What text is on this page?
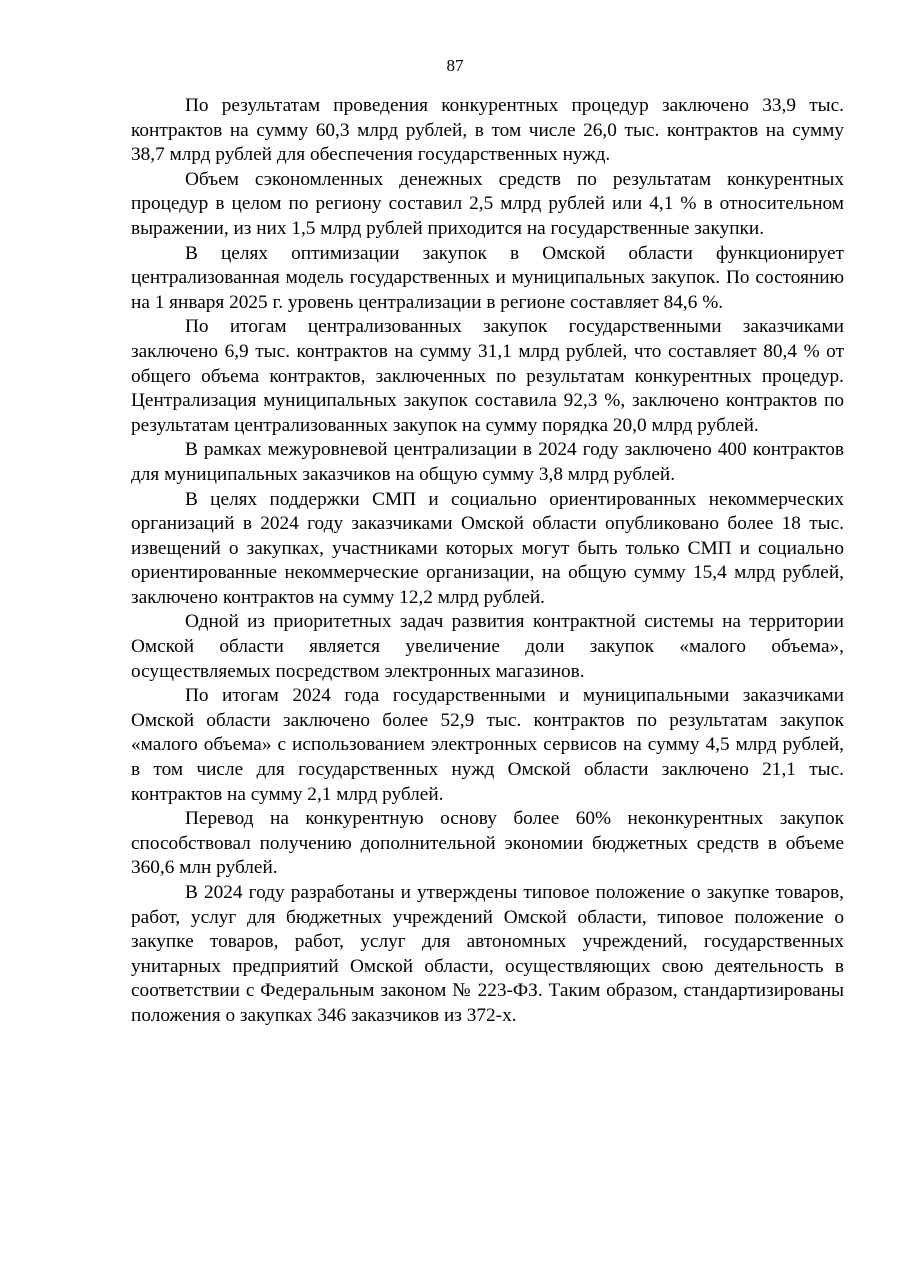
87

По результатам проведения конкурентных процедур заключено 33,9 тыс. контрактов на сумму 60,3 млрд рублей, в том числе 26,0 тыс. контрактов на сумму 38,7 млрд рублей для обеспечения государственных нужд.

Объем сэкономленных денежных средств по результатам конкурентных процедур в целом по региону составил 2,5 млрд рублей или 4,1 % в относительном выражении, из них 1,5 млрд рублей приходится на государственные закупки.

В целях оптимизации закупок в Омской области функционирует централизованная модель государственных и муниципальных закупок. По состоянию на 1 января 2025 г. уровень централизации в регионе составляет 84,6 %.

По итогам централизованных закупок государственными заказчиками заключено 6,9 тыс. контрактов на сумму 31,1 млрд рублей, что составляет 80,4 % от общего объема контрактов, заключенных по результатам конкурентных процедур. Централизация муниципальных закупок составила 92,3 %, заключено контрактов по результатам централизованных закупок на сумму порядка 20,0 млрд рублей.

В рамках межуровневой централизации в 2024 году заключено 400 контрактов для муниципальных заказчиков на общую сумму 3,8 млрд рублей.

В целях поддержки СМП и социально ориентированных некоммерческих организаций в 2024 году заказчиками Омской области опубликовано более 18 тыс. извещений о закупках, участниками которых могут быть только СМП и социально ориентированные некоммерческие организации, на общую сумму 15,4 млрд рублей, заключено контрактов на сумму 12,2 млрд рублей.

Одной из приоритетных задач развития контрактной системы на территории Омской области является увеличение доли закупок «малого объема», осуществляемых посредством электронных магазинов.

По итогам 2024 года государственными и муниципальными заказчиками Омской области заключено более 52,9 тыс. контрактов по результатам закупок «малого объема» с использованием электронных сервисов на сумму 4,5 млрд рублей, в том числе для государственных нужд Омской области заключено 21,1 тыс. контрактов на сумму 2,1 млрд рублей.

Перевод на конкурентную основу более 60% неконкурентных закупок способствовал получению дополнительной экономии бюджетных средств в объеме 360,6 млн рублей.

В 2024 году разработаны и утверждены типовое положение о закупке товаров, работ, услуг для бюджетных учреждений Омской области, типовое положение о закупке товаров, работ, услуг для автономных учреждений, государственных унитарных предприятий Омской области, осуществляющих свою деятельность в соответствии с Федеральным законом № 223-ФЗ. Таким образом, стандартизированы положения о закупках 346 заказчиков из 372-х.
